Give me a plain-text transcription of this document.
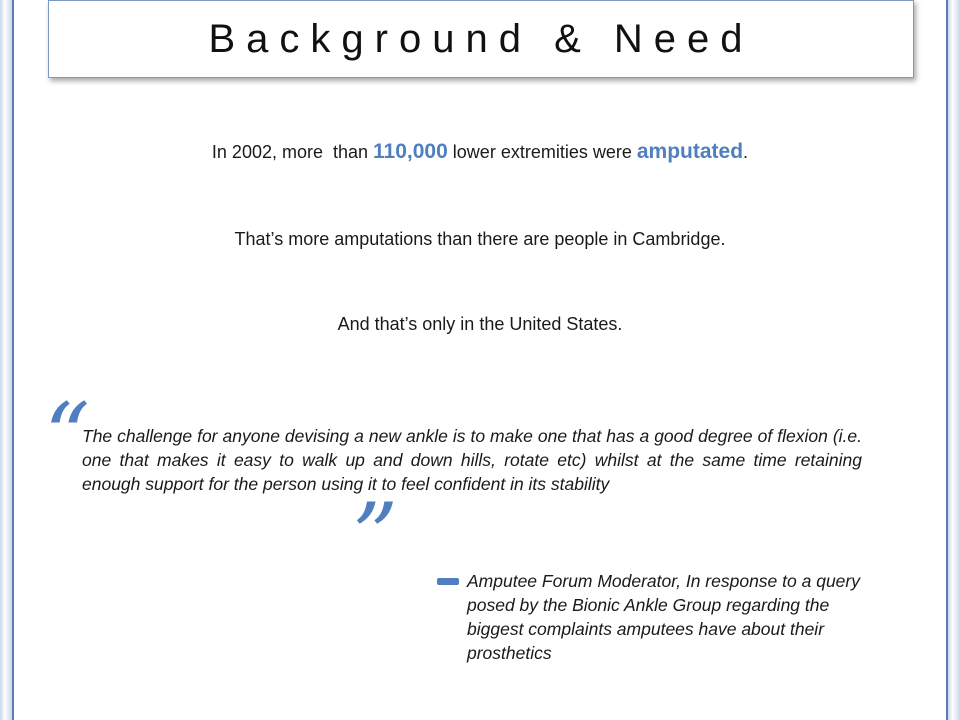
Background & Need
In 2002, more  than 110,000 lower extremities were amputated.
That’s more amputations than there are people in Cambridge.
And that’s only in the United States.
“
The challenge for anyone devising a new ankle is to make one that has a good degree of flexion (i.e. one that makes it easy to walk up and down hills, rotate etc) whilst at the same time retaining enough support for the person using it to feel confident in its stability
”	Amputee Forum Moderator, In response to a query posed by the Bionic Ankle Group regarding the biggest complaints amputees have about their prosthetics
